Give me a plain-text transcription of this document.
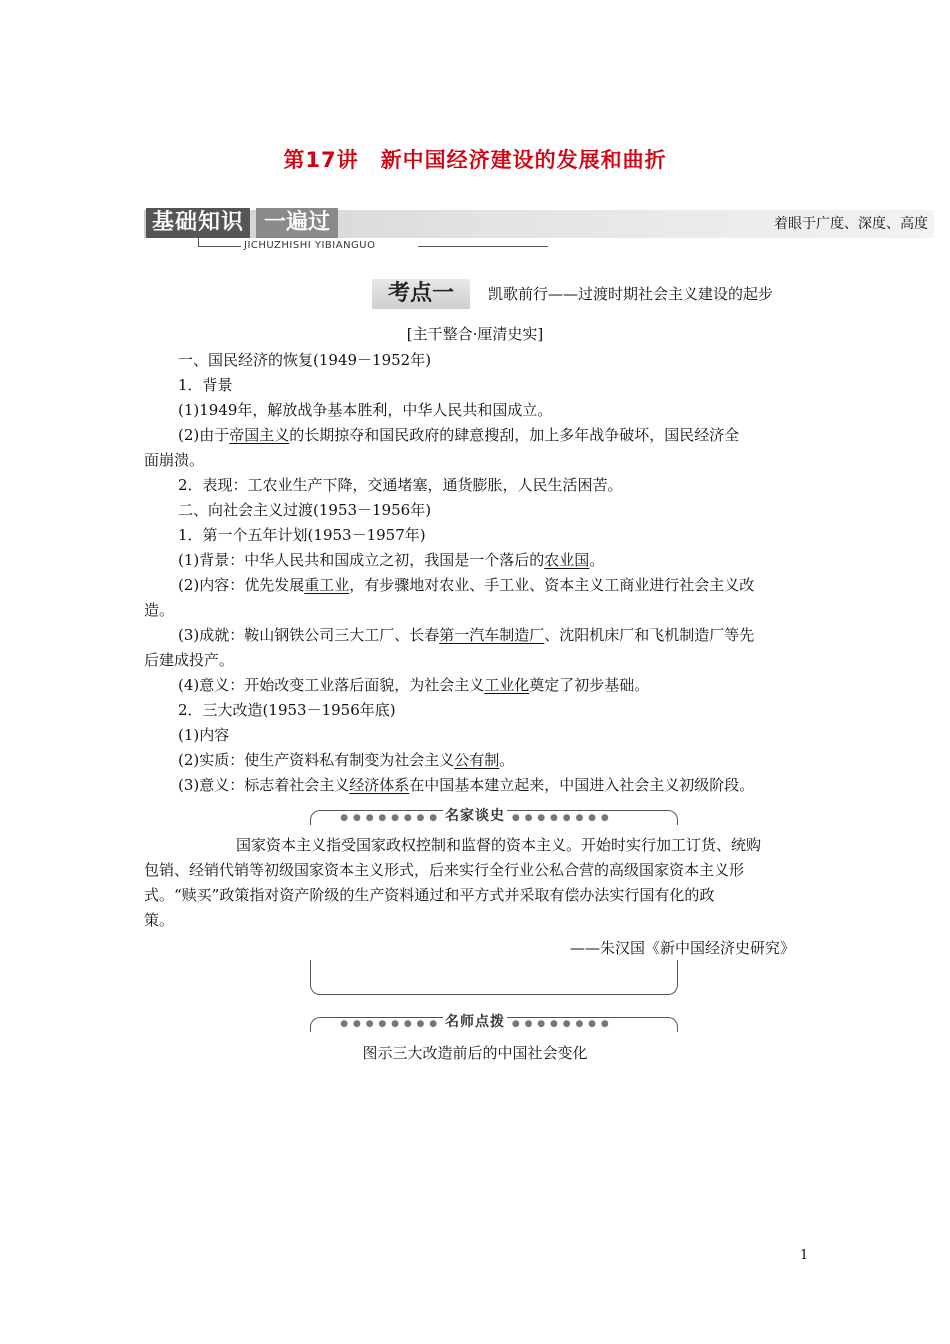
第17讲　新中国经济建设的发展和曲折
基础知识 一遍过	着眼于广度、深度、高度
JICHUZHISHI YIBIANGUO
考点一	凯歌前行——过渡时期社会主义建设的起步
[主干整合·厘清史实]
一、国民经济的恢复(1949－1952年)
1．背景
(1)1949年，解放战争基本胜利，中华人民共和国成立。
(2)由于帝国主义的长期掠夺和国民政府的肆意搜刮，加上多年战争破坏，国民经济全
面崩溃。
2．表现：工农业生产下降，交通堵塞，通货膨胀，人民生活困苦。
二、向社会主义过渡(1953－1956年)
1．第一个五年计划(1953－1957年)
(1)背景：中华人民共和国成立之初，我国是一个落后的农业国。
(2)内容：优先发展重工业，有步骤地对农业、手工业、资本主义工商业进行社会主义改
造。
(3)成就：鞍山钢铁公司三大工厂、长春第一汽车制造厂、沈阳机床厂和飞机制造厂等先
后建成投产。
(4)意义：开始改变工业落后面貌，为社会主义工业化奠定了初步基础。
2．三大改造(1953－1956年底)
(1)内容
(2)实质：使生产资料私有制变为社会主义公有制。
(3)意义：标志着社会主义经济体系在中国基本建立起来，中国进入社会主义初级阶段。
● ● ● ● ● ● ● ● 名家谈史 ● ● ● ● ● ● ● ●
国家资本主义指受国家政权控制和监督的资本主义。开始时实行加工订货、统购
包销、经销代销等初级国家资本主义形式，后来实行全行业公私合营的高级国家资本主义形
式。“赎买”政策指对资产阶级的生产资料通过和平方式并采取有偿办法实行国有化的政
策。
——朱汉国《新中国经济史研究》
● ● ● ● ● ● ● ● 名师点拨 ● ● ● ● ● ● ● ●
图示三大改造前后的中国社会变化
1
